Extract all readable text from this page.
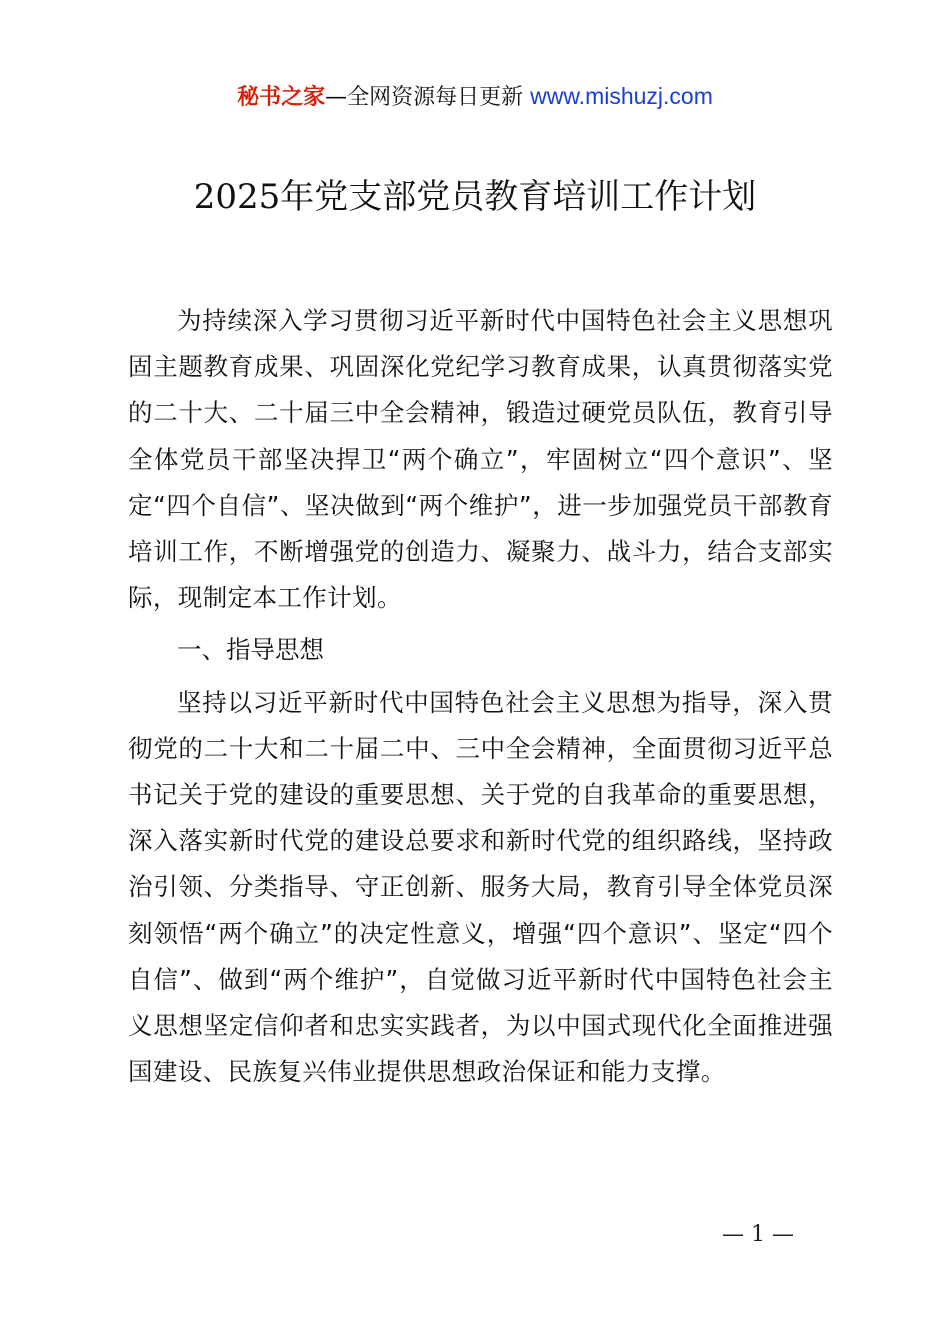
秘书之家—全网资源每日更新 www.mishuzj.com
2025年党支部党员教育培训工作计划

为持续深入学习贯彻习近平新时代中国特色社会主义思想巩固主题教育成果、巩固深化党纪学习教育成果，认真贯彻落实党的二十大、二十届三中全会精神，锻造过硬党员队伍，教育引导全体党员干部坚决捍卫“两个确立”，牢固树立“四个意识”、坚定“四个自信”、坚决做到“两个维护”，进一步加强党员干部教育培训工作，不断增强党的创造力、凝聚力、战斗力，结合支部实际，现制定本工作计划。

一、指导思想

坚持以习近平新时代中国特色社会主义思想为指导，深入贯彻党的二十大和二十届二中、三中全会精神，全面贯彻习近平总书记关于党的建设的重要思想、关于党的自我革命的重要思想，深入落实新时代党的建设总要求和新时代党的组织路线，坚持政治引领、分类指导、守正创新、服务大局，教育引导全体党员深刻领悟“两个确立”的决定性意义，增强“四个意识”、坚定“四个自信”、做到“两个维护”，自觉做习近平新时代中国特色社会主义思想坚定信仰者和忠实实践者，为以中国式现代化全面推进强国建设、民族复兴伟业提供思想政治保证和能力支撑。

— 1 —
